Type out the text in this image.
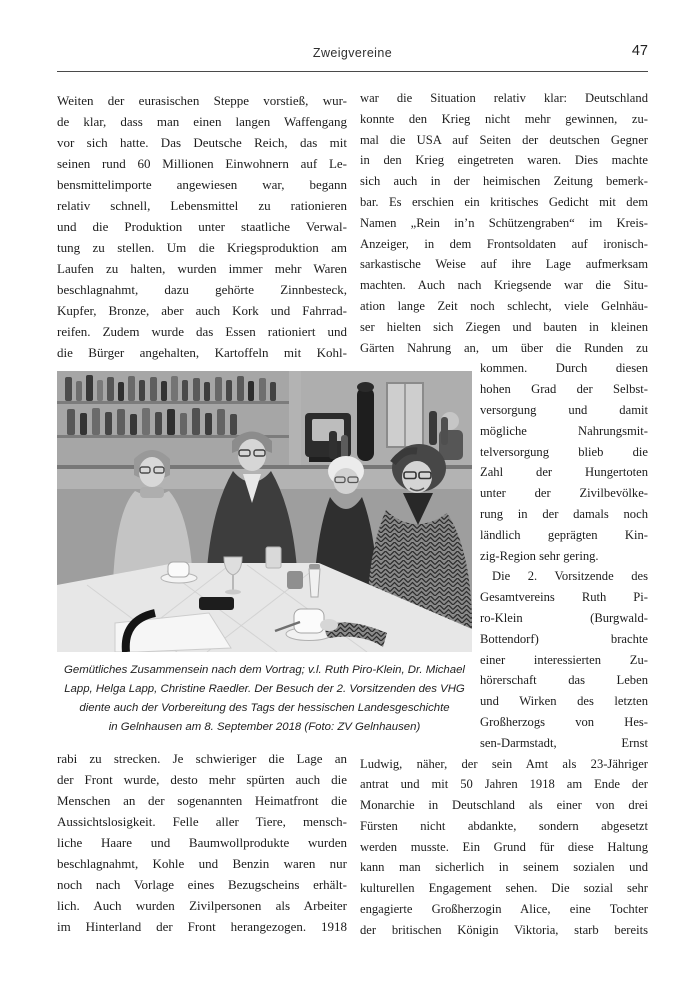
Zweigvereine	47
Weiten der eurasischen Steppe vorstieß, wur-
de klar, dass man einen langen Waffengang
vor sich hatte. Das Deutsche Reich, das mit
seinen rund 60 Millionen Einwohnern auf Le-
bensmittelimporte angewiesen war, begann
relativ schnell, Lebensmittel zu rationieren
und die Produktion unter staatliche Verwal-
tung zu stellen. Um die Kriegsproduktion am
Laufen zu halten, wurden immer mehr Waren
beschlagnahmt, dazu gehörte Zinnbesteck,
Kupfer, Bronze, aber auch Kork und Fahrrad-
reifen. Zudem wurde das Essen rationiert und
die Bürger angehalten, Kartoffeln mit Kohl-
war die Situation relativ klar: Deutschland
konnte den Krieg nicht mehr gewinnen, zu-
mal die USA auf Seiten der deutschen Gegner
in den Krieg eingetreten waren. Dies machte
sich auch in der heimischen Zeitung bemerk-
bar. Es erschien ein kritisches Gedicht mit dem
Namen „Rein in’n Schützengraben“ im Kreis-
Anzeiger, in dem Frontsoldaten auf ironisch-
sarkastische Weise auf ihre Lage aufmerksam
machten. Auch nach Kriegsende war die Situ-
ation lange Zeit noch schlecht, viele Gelnhäu-
ser hielten sich Ziegen und bauten in kleinen
Gärten Nahrung an, um über die Runden zu
kommen. Durch diesen
hohen Grad der Selbst-
versorgung und damit
mögliche Nahrungsmit-
telversorgung blieb die
Zahl der Hungertoten
unter der Zivilbevölke-
rung in der damals noch
ländlich geprägten Kin-
zig-Region sehr gering.
Die 2. Vorsitzende des
Gesamtvereins Ruth Pi-
ro-Klein (Burgwald-
Bottendorf) brachte
einer interessierten Zu-
hörerschaft das Leben
und Wirken des letzten
Großherzogs von Hes-
sen-Darmstadt, Ernst
Ludwig, näher, der sein Amt als 23-Jähriger
antrat und mit 50 Jahren 1918 am Ende der
Monarchie in Deutschland als einer von drei
Fürsten nicht abdankte, sondern abgesetzt
werden musste. Ein Grund für diese Haltung
kann man sicherlich in seinem sozialen und
kulturellen Engagement sehen. Die sozial sehr
engagierte Großherzogin Alice, eine Tochter
der britischen Königin Viktoria, starb bereits
Gemütliches Zusammensein nach dem Vortrag; v.l. Ruth Piro-Klein, Dr. Michael
Lapp, Helga Lapp, Christine Raedler. Der Besuch der 2. Vorsitzenden des VHG
diente auch der Vorbereitung des Tags der hessischen Landesgeschichte
in Gelnhausen am 8. September 2018 (Foto: ZV Gelnhausen)
rabi zu strecken. Je schwieriger die Lage an
der Front wurde, desto mehr spürten auch die
Menschen an der sogenannten Heimatfront die
Aussichtslosigkeit. Felle aller Tiere, mensch-
liche Haare und Baumwollprodukte wurden
beschlagnahmt, Kohle und Benzin waren nur
noch nach Vorlage eines Bezugscheins erhält-
lich. Auch wurden Zivilpersonen als Arbeiter
im Hinterland der Front herangezogen. 1918
